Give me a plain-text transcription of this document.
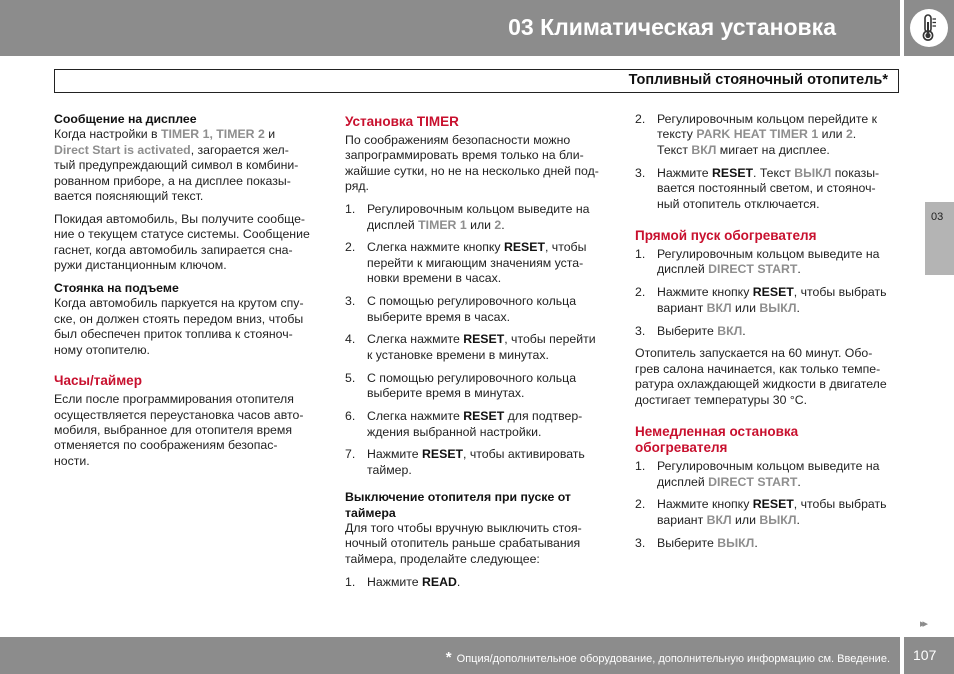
03 Климатическая установка
Топливный стояночный отопитель*
03

Сообщение на дисплее

Когда настройки в TIMER 1, TIMER 2 и
Direct Start is activated, загорается жел-
тый предупреждающий символ в комбини-
рованном приборе, а на дисплее показы-
вается поясняющий текст.

Покидая автомобиль, Вы получите сообще-
ние о текущем статусе системы. Сообщение
гаснет, когда автомобиль запирается сна-
ружи дистанционным ключом.

Стоянка на подъеме

Когда автомобиль паркуется на крутом спу-
ске, он должен стоять передом вниз, чтобы
был обеспечен приток топлива к стояноч-
ному отопителю.

Часы/таймер

Если после программирования отопителя
осуществляется переустановка часов авто-
мобиля, выбранное для отопителя время
отменяется по соображениям безопас-
ности.

Установка TIMER

По соображениям безопасности можно
запрограммировать время только на бли-
жайшие сутки, но не на несколько дней под-
ряд.

1. Регулировочным кольцом выведите на
дисплей TIMER 1 или 2.
2. Слегка нажмите кнопку RESET, чтобы
перейти к мигающим значениям уста-
новки времени в часах.
3. С помощью регулировочного кольца
выберите время в часах.
4. Слегка нажмите RESET, чтобы перейти
к установке времени в минутах.
5. С помощью регулировочного кольца
выберите время в минутах.
6. Слегка нажмите RESET для подтвер-
ждения выбранной настройки.
7. Нажмите RESET, чтобы активировать
таймер.

Выключение отопителя при пуске от
таймера

Для того чтобы вручную выключить стоя-
ночный отопитель раньше срабатывания
таймера, проделайте следующее:

1. Нажмите READ.
2. Регулировочным кольцом перейдите к
тексту PARK HEAT TIMER 1 или 2.
Текст ВКЛ мигает на дисплее.
3. Нажмите RESET. Текст ВЫКЛ показы-
вается постоянный светом, и стояноч-
ный отопитель отключается.
Прямой пуск обогревателя
1. Регулировочным кольцом выведите на
дисплей DIRECT START.
2. Нажмите кнопку RESET, чтобы выбрать
вариант ВКЛ или ВЫКЛ.
3. Выберите ВКЛ.

Отопитель запускается на 60 минут. Обо-
грев салона начинается, как только темпе-
ратура охлаждающей жидкости в двигателе
достигает температуры 30 °C.

Немедленная остановка
обогревателя
1. Регулировочным кольцом выведите на
дисплей DIRECT START.
2. Нажмите кнопку RESET, чтобы выбрать
вариант ВКЛ или ВЫКЛ.
3. Выберите ВЫКЛ.
▸▸
* Опция/дополнительное оборудование, дополнительную информацию см. Введение. 107
